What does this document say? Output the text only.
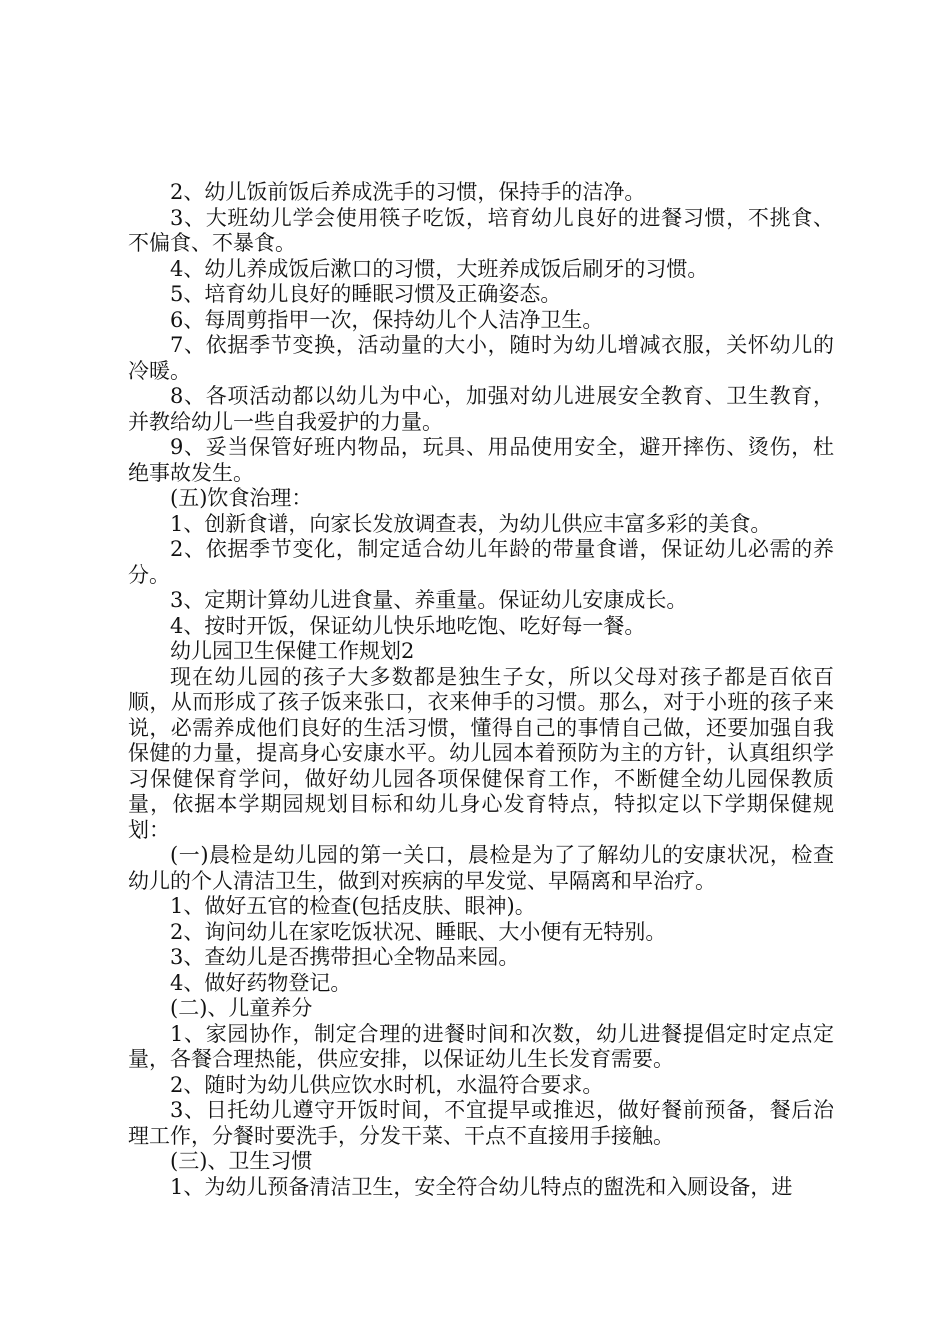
2、幼儿饭前饭后养成洗手的习惯，保持手的洁净。

3、大班幼儿学会使用筷子吃饭，培育幼儿良好的进餐习惯，不挑食、不偏食、不暴食。

4、幼儿养成饭后漱口的习惯，大班养成饭后刷牙的习惯。

5、培育幼儿良好的睡眠习惯及正确姿态。

6、每周剪指甲一次，保持幼儿个人洁净卫生。

7、依据季节变换，活动量的大小，随时为幼儿增减衣服，关怀幼儿的冷暖。

8、各项活动都以幼儿为中心，加强对幼儿进展安全教育、卫生教育，并教给幼儿一些自我爱护的力量。

9、妥当保管好班内物品，玩具、用品使用安全，避开摔伤、烫伤，杜绝事故发生。

(五)饮食治理：

1、创新食谱，向家长发放调查表，为幼儿供应丰富多彩的美食。

2、依据季节变化，制定适合幼儿年龄的带量食谱，保证幼儿必需的养分。

3、定期计算幼儿进食量、养重量。保证幼儿安康成长。

4、按时开饭，保证幼儿快乐地吃饱、吃好每一餐。

幼儿园卫生保健工作规划2

现在幼儿园的孩子大多数都是独生子女，所以父母对孩子都是百依百顺，从而形成了孩子饭来张口，衣来伸手的习惯。那么，对于小班的孩子来说，必需养成他们良好的生活习惯，懂得自己的事情自己做，还要加强自我保健的力量，提高身心安康水平。幼儿园本着预防为主的方针，认真组织学习保健保育学问，做好幼儿园各项保健保育工作，不断健全幼儿园保教质量，依据本学期园规划目标和幼儿身心发育特点，特拟定以下学期保健规划：

(一)晨检是幼儿园的第一关口，晨检是为了了解幼儿的安康状况，检查幼儿的个人清洁卫生，做到对疾病的早发觉、早隔离和早治疗。

1、做好五官的检查(包括皮肤、眼神)。

2、询问幼儿在家吃饭状况、睡眠、大小便有无特别。

3、查幼儿是否携带担心全物品来园。

4、做好药物登记。

(二)、儿童养分

1、家园协作，制定合理的进餐时间和次数，幼儿进餐提倡定时定点定量，各餐合理热能，供应安排，以保证幼儿生长发育需要。

2、随时为幼儿供应饮水时机，水温符合要求。

3、日托幼儿遵守开饭时间，不宜提早或推迟，做好餐前预备，餐后治理工作，分餐时要洗手，分发干菜、干点不直接用手接触。

(三)、卫生习惯

1、为幼儿预备清洁卫生，安全符合幼儿特点的盥洗和入厕设备，进
